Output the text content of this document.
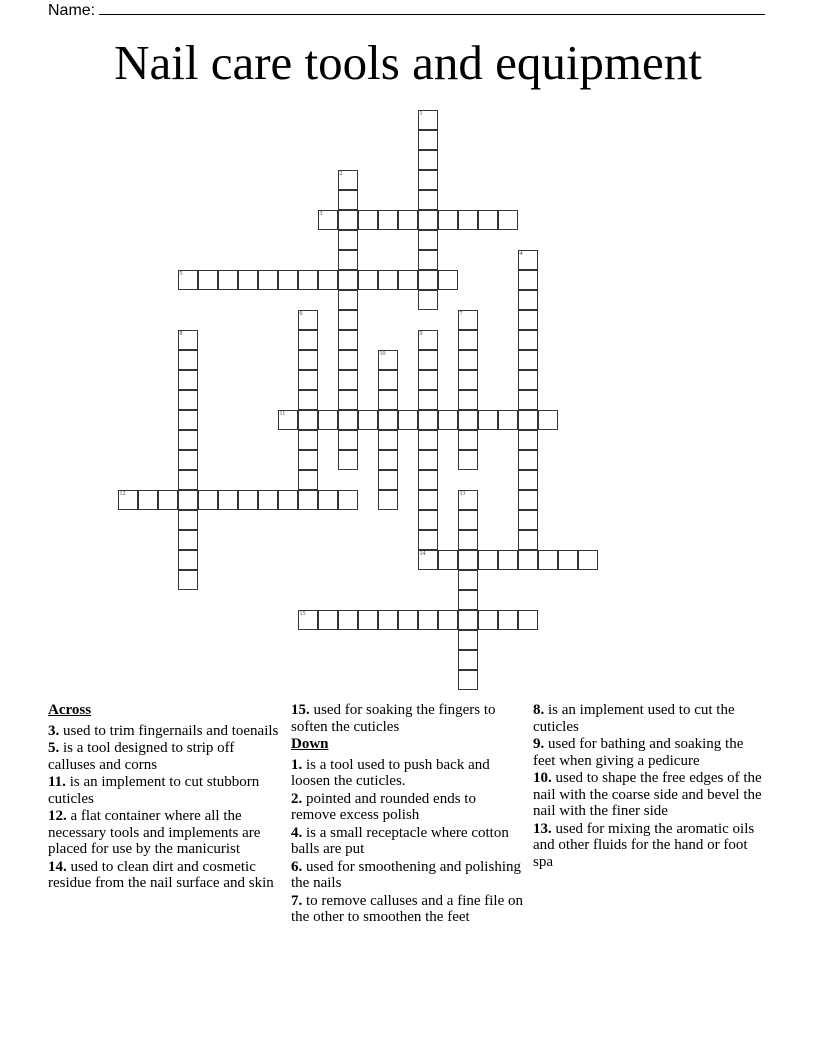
Name:
Nail care tools and equipment
1
2
3
4
5
6	7
8	9
14
10
11
12	13
15
Across
3. used to trim fingernails and toenails
5. is a tool designed to strip off calluses and corns
11. is an implement to cut stubborn cuticles
12. a flat container where all the necessary tools and implements are placed for use by the manicurist
14. used to clean dirt and cosmetic residue from the nail surface and skin
15. used for soaking the fingers to soften the cuticles
Down
1. is a tool used to push back and loosen the cuticles.
2. pointed and rounded ends to remove excess polish
4. is a small receptacle where cotton balls are put
6. used for smoothening and polishing the nails
7. to remove calluses and a fine file on the other to smoothen the feet
8. is an implement used to cut the cuticles
9. used for bathing and soaking the feet when giving a pedicure
10. used to shape the free edges of the nail with the coarse side and bevel the nail with the finer side
13. used for mixing the aromatic oils and other fluids for the hand or foot spa
